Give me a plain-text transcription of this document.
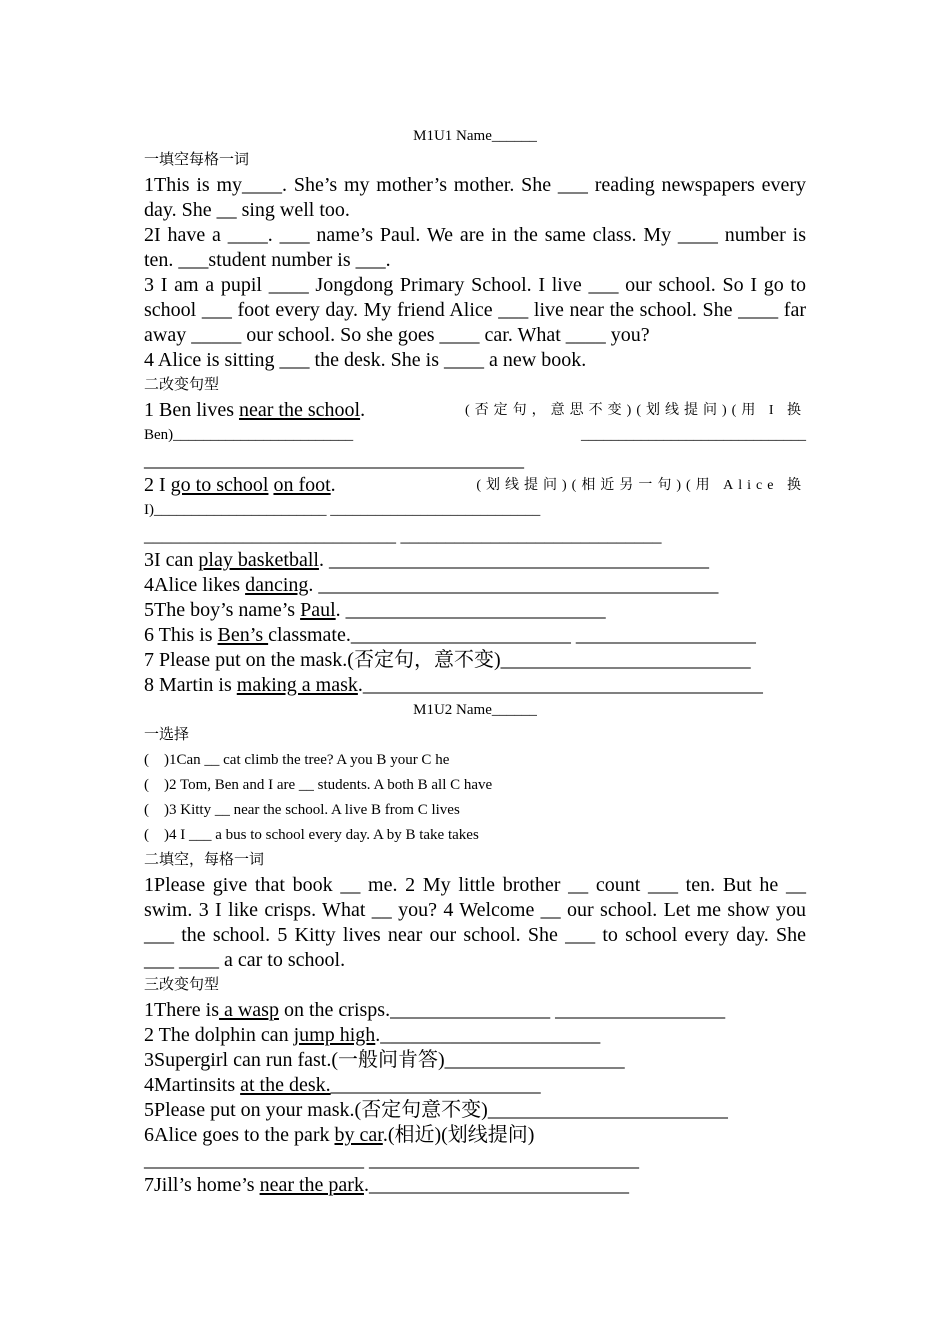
M1U1 Name______
一填空每格一词
1This is my____. She’s my mother’s mother. She ___ reading newspapers every day. She __ sing well too.
2I have a ____. ___ name’s Paul. We are in the same class. My ____ number is ten. ___student number is ___.
3 I am a pupil ____ Jongdong Primary School. I live ___ our school. So I go to school ___ foot every day. My friend Alice ___ live near the school. She ____ far away _____ our school. So she goes ____ car. What ____ you?
4 Alice is sitting ___ the desk. She is ____ a new book.
二改变句型
1 Ben lives near the school.	(否定句，意思不变)(划线提问)(用 I 换
Ben)________________________	______________________________
______________________________________
2 I go to school on foot.	(划线提问)(相近另一句)(用 Alice 换
I)_______________________ ____________________________
____________________________ _____________________________
3I can play basketball. ______________________________________
4Alice likes dancing. ________________________________________
5The boy’s name’s Paul. __________________________
6 This is Ben’s classmate.______________________ __________________
7 Please put on the mask.(否定句，意不变)_________________________
8 Martin is making a mask.________________________________________
M1U2 Name______
一选择
(    )1Can __ cat climb the tree? A you B your C he
(    )2 Tom, Ben and I are __ students. A both B all C have
(    )3 Kitty __ near the school. A live B from C lives
(    )4 I ___ a bus to school every day. A by B take takes
二填空，每格一词
1Please give that book __ me. 2 My little brother __ count ___ ten. But he __ swim. 3 I like crisps. What __ you? 4 Welcome __ our school. Let me show you ___ the school. 5 Kitty lives near our school. She ___ to school every day. She ___ ____ a car to school.
三改变句型
1There is a wasp on the crisps.________________ _________________
2 The dolphin can jump high.______________________
3Supergirl can run fast.(一般问肯答)__________________
4Martinsits at the desk._____________________
5Please put on your mask.(否定句意不变)________________________
6Alice goes to the park by car.(相近)(划线提问)
______________________ ___________________________
7Jill’s home’s near the park.__________________________
